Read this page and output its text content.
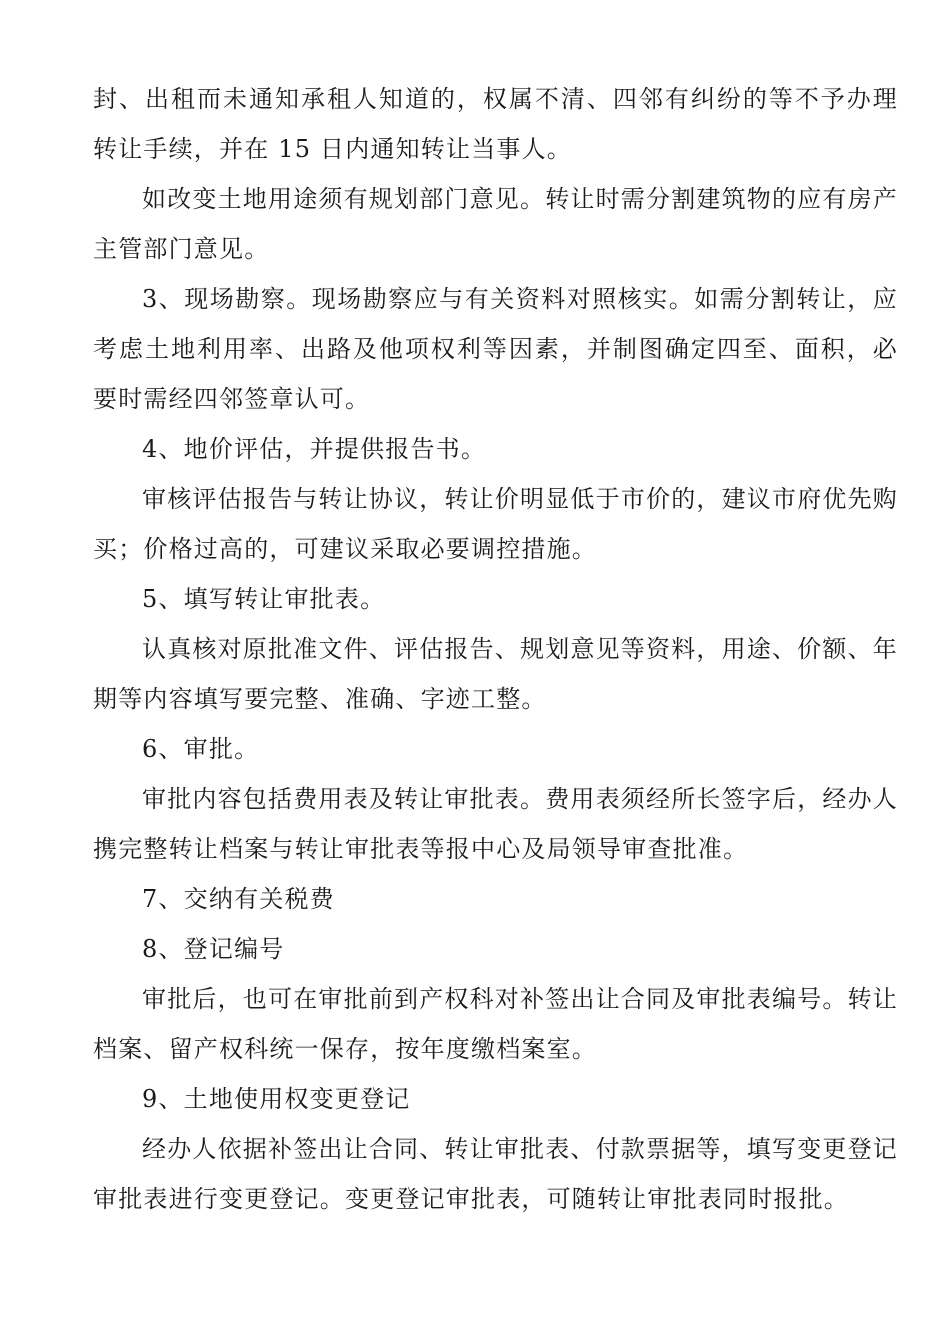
封、出租而未通知承租人知道的，权属不清、四邻有纠纷的等不予办理转让手续，并在 15 日内通知转让当事人。

如改变土地用途须有规划部门意见。转让时需分割建筑物的应有房产主管部门意见。

3、现场勘察。现场勘察应与有关资料对照核实。如需分割转让，应考虑土地利用率、出路及他项权利等因素，并制图确定四至、面积，必要时需经四邻签章认可。

4、地价评估，并提供报告书。

审核评估报告与转让协议，转让价明显低于市价的，建议市府优先购买；价格过高的，可建议采取必要调控措施。

5、填写转让审批表。

认真核对原批准文件、评估报告、规划意见等资料，用途、价额、年期等内容填写要完整、准确、字迹工整。

6、审批。

审批内容包括费用表及转让审批表。费用表须经所长签字后，经办人携完整转让档案与转让审批表等报中心及局领导审查批准。

7、交纳有关税费

8、登记编号

审批后，也可在审批前到产权科对补签出让合同及审批表编号。转让档案、留产权科统一保存，按年度缴档案室。

9、土地使用权变更登记

经办人依据补签出让合同、转让审批表、付款票据等，填写变更登记审批表进行变更登记。变更登记审批表，可随转让审批表同时报批。
